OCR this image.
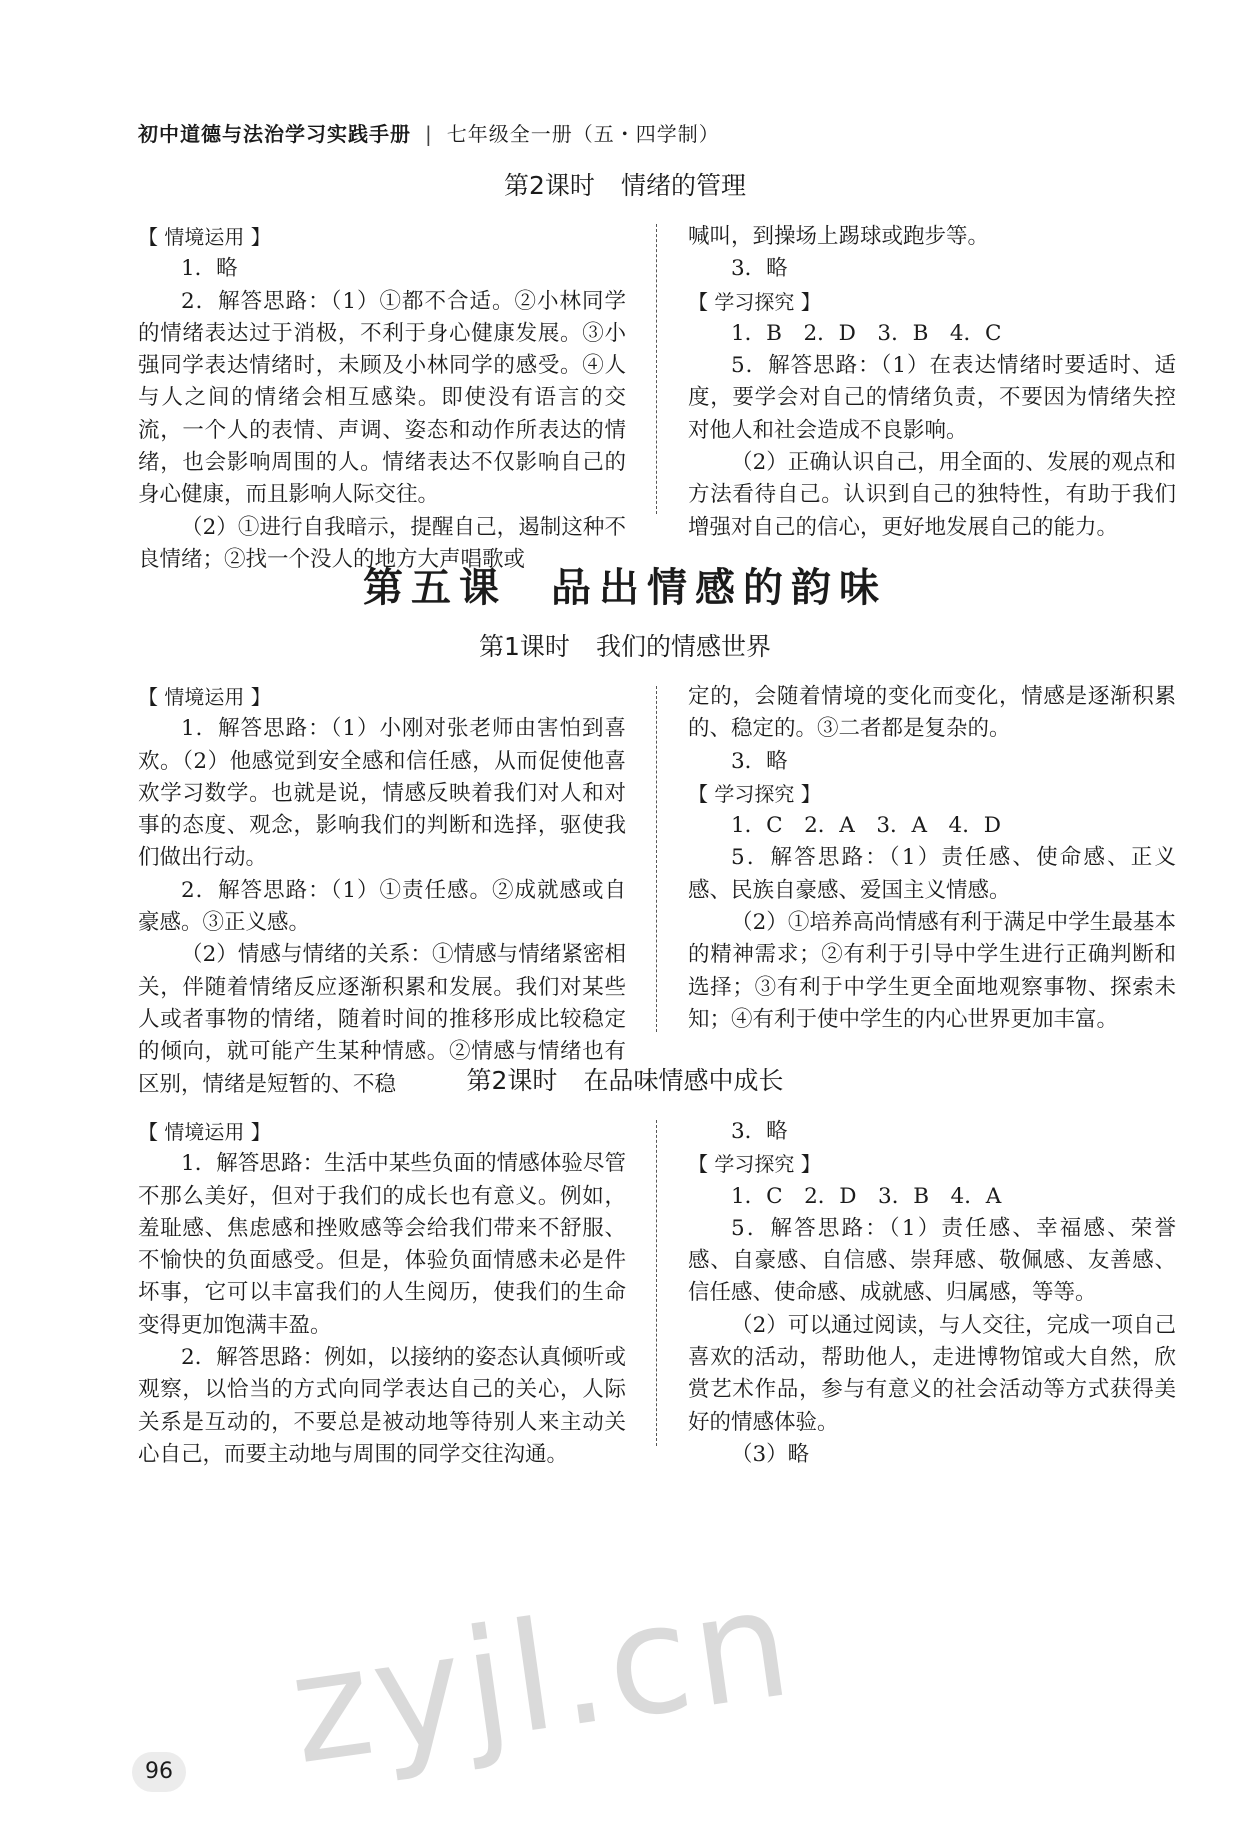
初中道德与法治学习实践手册 | 七年级全一册（五・四学制）
第2课时 情绪的管理

【 情境运用 】

1．略

2．解答思路：（1）①都不合适。②小林同学的情绪表达过于消极，不利于身心健康发展。③小强同学表达情绪时，未顾及小林同学的感受。④人与人之间的情绪会相互感染。即使没有语言的交流，一个人的表情、声调、姿态和动作所表达的情绪，也会影响周围的人。情绪表达不仅影响自己的身心健康，而且影响人际交往。

（2）①进行自我暗示，提醒自己，遏制这种不良情绪；②找一个没人的地方大声唱歌或

喊叫，到操场上踢球或跑步等。

3．略

【 学习探究 】

1．B　2．D　3．B　4．C

5．解答思路：（1）在表达情绪时要适时、适度，要学会对自己的情绪负责，不要因为情绪失控对他人和社会造成不良影响。

（2）正确认识自己，用全面的、发展的观点和方法看待自己。认识到自己的独特性，有助于我们增强对自己的信心，更好地发展自己的能力。

第五课 品出情感的韵味
第1课时 我们的情感世界

【 情境运用 】

1．解答思路：（1）小刚对张老师由害怕到喜欢。（2）他感觉到安全感和信任感，从而促使他喜欢学习数学。也就是说，情感反映着我们对人和对事的态度、观念，影响我们的判断和选择，驱使我们做出行动。

2．解答思路：（1）①责任感。②成就感或自豪感。③正义感。

（2）情感与情绪的关系：①情感与情绪紧密相关，伴随着情绪反应逐渐积累和发展。我们对某些人或者事物的情绪，随着时间的推移形成比较稳定的倾向，就可能产生某种情感。②情感与情绪也有区别，情绪是短暂的、不稳

定的，会随着情境的变化而变化，情感是逐渐积累的、稳定的。③二者都是复杂的。

3．略

【 学习探究 】

1．C　2．A　3．A　4．D

5．解答思路：（1）责任感、使命感、正义感、民族自豪感、爱国主义情感。

（2）①培养高尚情感有利于满足中学生最基本的精神需求；②有利于引导中学生进行正确判断和选择；③有利于中学生更全面地观察事物、探索未知；④有利于使中学生的内心世界更加丰富。

第2课时 在品味情感中成长

【 情境运用 】

1．解答思路：生活中某些负面的情感体验尽管不那么美好，但对于我们的成长也有意义。例如，羞耻感、焦虑感和挫败感等会给我们带来不舒服、不愉快的负面感受。但是，体验负面情感未必是件坏事，它可以丰富我们的人生阅历，使我们的生命变得更加饱满丰盈。

2．解答思路：例如，以接纳的姿态认真倾听或观察，以恰当的方式向同学表达自己的关心，人际关系是互动的，不要总是被动地等待别人来主动关心自己，而要主动地与周围的同学交往沟通。

3．略

【 学习探究 】

1．C　2．D　3．B　4．A

5．解答思路：（1）责任感、幸福感、荣誉感、自豪感、自信感、崇拜感、敬佩感、友善感、信任感、使命感、成就感、归属感，等等。

（2）可以通过阅读，与人交往，完成一项自己喜欢的活动，帮助他人，走进博物馆或大自然，欣赏艺术作品，参与有意义的社会活动等方式获得美好的情感体验。

（3）略

zyjl.cn
96
